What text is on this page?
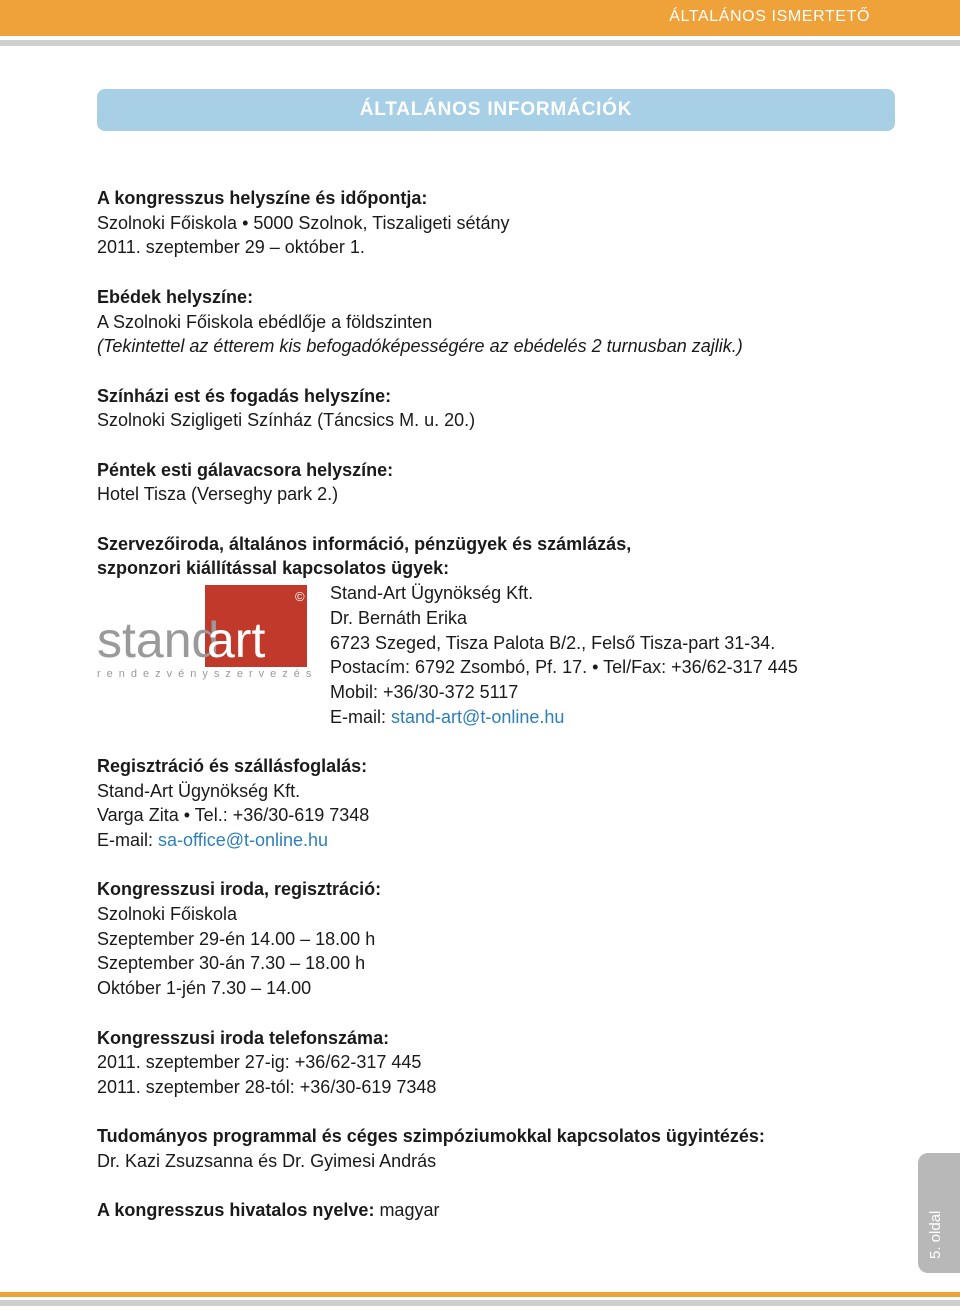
ÁLTALÁNOS ISMERTETŐ
ÁLTALÁNOS INFORMÁCIÓK
A kongresszus helyszíne és időpontja:
Szolnoki Főiskola • 5000 Szolnok, Tiszaligeti sétány
2011. szeptember 29 – október 1.
Ebédek helyszíne:
A Szolnoki Főiskola ebédlője a földszinten
(Tekintettel az étterem kis befogadóképességére az ebédelés 2 turnusban zajlik.)
Színházi est és fogadás helyszíne:
Szolnoki Szigligeti Színház (Táncsics M. u. 20.)
Péntek esti gálavacsora helyszíne:
Hotel Tisza (Verseghy park 2.)
Szervezőiroda, általános információ, pénzügyek és számlázás,
szponzori kiállítással kapcsolatos ügyek:
stand
art
©
rendezvényszervezés
Stand-Art Ügynökség Kft.
Dr. Bernáth Erika
6723 Szeged, Tisza Palota B/2., Felső Tisza-part 31-34.
Postacím: 6792 Zsombó, Pf. 17. • Tel/Fax: +36/62-317 445
Mobil: +36/30-372 5117
E-mail: stand-art@t-online.hu
Regisztráció és szállásfoglalás:
Stand-Art Ügynökség Kft.
Varga Zita • Tel.: +36/30-619 7348
E-mail: sa-office@t-online.hu
Kongresszusi iroda, regisztráció:
Szolnoki Főiskola
Szeptember 29-én 14.00 – 18.00 h
Szeptember 30-án 7.30 – 18.00 h
Október 1-jén 7.30 – 14.00
Kongresszusi iroda telefonszáma:
2011. szeptember 27-ig: +36/62-317 445
2011. szeptember 28-tól: +36/30-619 7348
Tudományos programmal és céges szimpóziumokkal kapcsolatos ügyintézés:
Dr. Kazi Zsuzsanna és Dr. Gyimesi András
A kongresszus hivatalos nyelve: magyar
5. oldal
